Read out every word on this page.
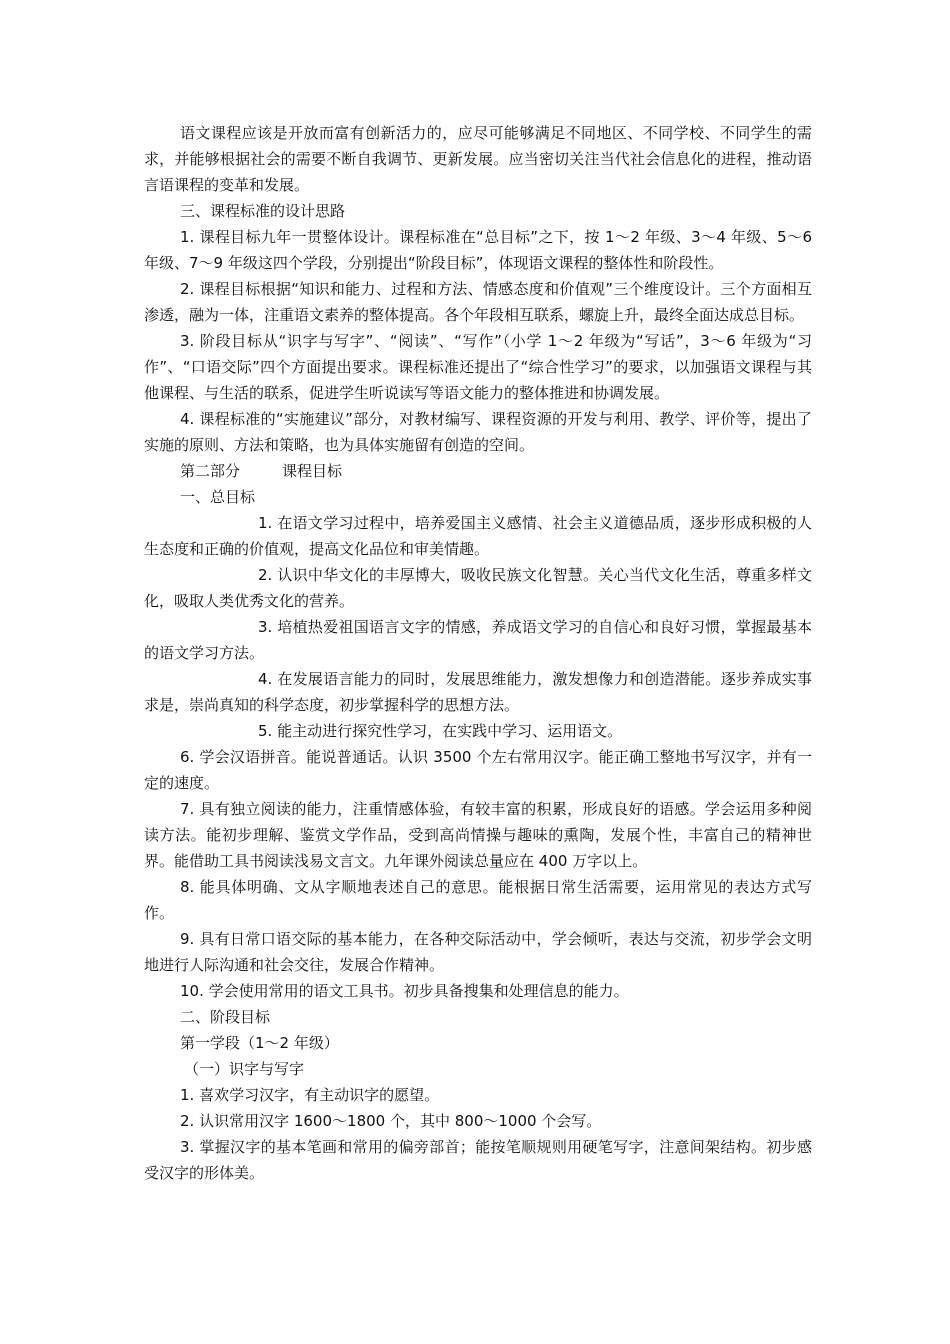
语文课程应该是开放而富有创新活力的，应尽可能够满足不同地区、不同学校、不同学生的需求，并能够根据社会的需要不断自我调节、更新发展。应当密切关注当代社会信息化的进程，推动语言语课程的变革和发展。

三、课程标准的设计思路

1. 课程目标九年一贯整体设计。课程标准在“总目标”之下，按 1～2 年级、3～4 年级、5～6 年级、7～9 年级这四个学段，分别提出“阶段目标”，体现语文课程的整体性和阶段性。

2. 课程目标根据“知识和能力、过程和方法、情感态度和价值观”三个维度设计。三个方面相互渗透，融为一体，注重语文素养的整体提高。各个年段相互联系，螺旋上升，最终全面达成总目标。

3. 阶段目标从“识字与写字”、“阅读”、“写作”（小学 1～2 年级为“写话”，3～6 年级为“习作”、“口语交际”四个方面提出要求。课程标准还提出了“综合性学习”的要求，以加强语文课程与其他课程、与生活的联系，促进学生听说读写等语文能力的整体推进和协调发展。

4. 课程标准的“实施建议”部分，对教材编写、课程资源的开发与利用、教学、评价等，提出了实施的原则、方法和策略，也为具体实施留有创造的空间。

第二部分	课程目标

一、总目标

1. 在语文学习过程中，培养爱国主义感情、社会主义道德品质，逐步形成积极的人生态度和正确的价值观，提高文化品位和审美情趣。

2. 认识中华文化的丰厚博大，吸收民族文化智慧。关心当代文化生活，尊重多样文化，吸取人类优秀文化的营养。

3. 培植热爱祖国语言文字的情感，养成语文学习的自信心和良好习惯，掌握最基本的语文学习方法。

4. 在发展语言能力的同时，发展思维能力，激发想像力和创造潜能。逐步养成实事求是，崇尚真知的科学态度，初步掌握科学的思想方法。

5. 能主动进行探究性学习，在实践中学习、运用语文。

6. 学会汉语拼音。能说普通话。认识 3500 个左右常用汉字。能正确工整地书写汉字，并有一定的速度。

7. 具有独立阅读的能力，注重情感体验，有较丰富的积累，形成良好的语感。学会运用多种阅读方法。能初步理解、鉴赏文学作品，受到高尚情操与趣味的熏陶，发展个性，丰富自己的精神世界。能借助工具书阅读浅易文言文。九年课外阅读总量应在 400 万字以上。

8. 能具体明确、文从字顺地表述自己的意思。能根据日常生活需要，运用常见的表达方式写作。

9. 具有日常口语交际的基本能力，在各种交际活动中，学会倾听，表达与交流，初步学会文明地进行人际沟通和社会交往，发展合作精神。

10. 学会使用常用的语文工具书。初步具备搜集和处理信息的能力。

二、阶段目标

第一学段（1～2 年级）

（一）识字与写字

1. 喜欢学习汉字，有主动识字的愿望。

2. 认识常用汉字 1600～1800 个，其中 800～1000 个会写。

3. 掌握汉字的基本笔画和常用的偏旁部首；能按笔顺规则用硬笔写字，注意间架结构。初步感受汉字的形体美。
